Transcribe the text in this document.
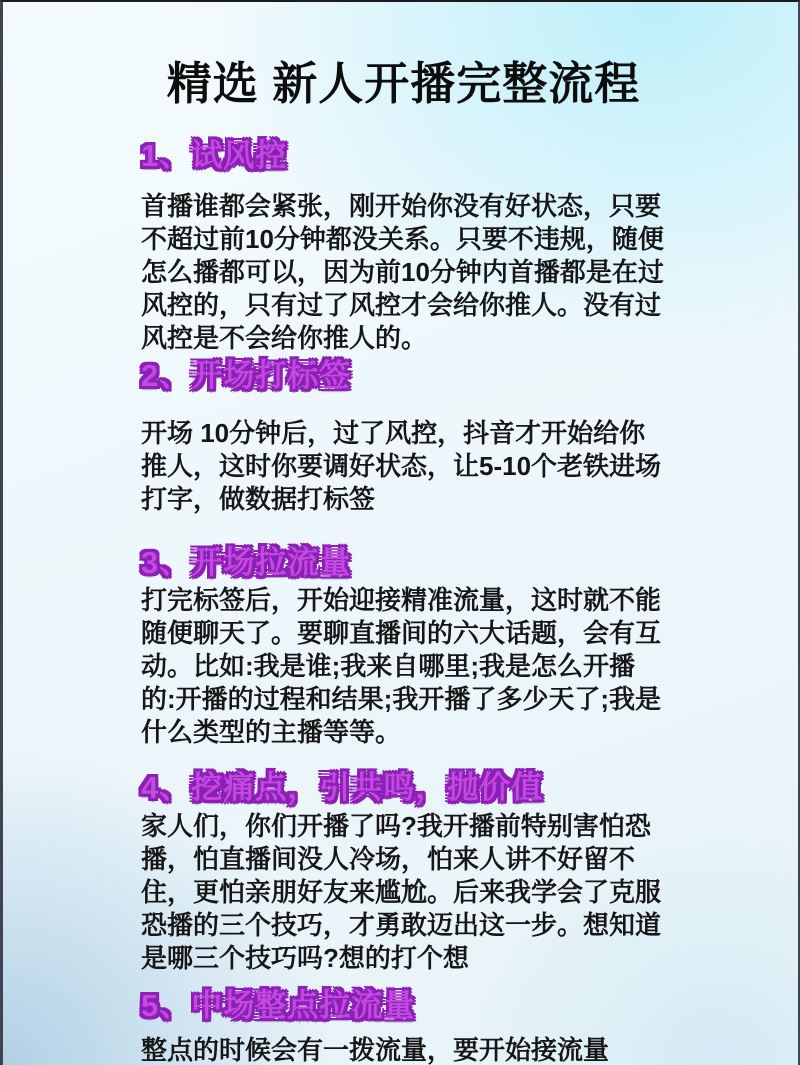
精选 新人开播完整流程
1、试风控

首播谁都会紧张，刚开始你没有好状态，只要不超过前10分钟都没关系。只要不违规，随便怎么播都可以，因为前10分钟内首播都是在过风控的，只有过了风控才会给你推人。没有过风控是不会给你推人的。

2、开场打标签

开场 10分钟后，过了风控，抖音才开始给你推人，这时你要调好状态，让5-10个老铁进场打字，做数据打标签

3、开场拉流量

打完标签后，开始迎接精准流量，这时就不能随便聊天了。要聊直播间的六大话题，会有互动。比如:我是谁;我来自哪里;我是怎么开播的:开播的过程和结果;我开播了多少天了;我是什么类型的主播等等。

4、挖痛点，引共鸣，抛价值

家人们，你们开播了吗?我开播前特别害怕恐播，怕直播间没人冷场，怕来人讲不好留不住，更怕亲朋好友来尴尬。后来我学会了克服恐播的三个技巧，才勇敢迈出这一步。想知道是哪三个技巧吗?想的打个想

5、中场整点拉流量

整点的时候会有一拨流量，要开始接流量
